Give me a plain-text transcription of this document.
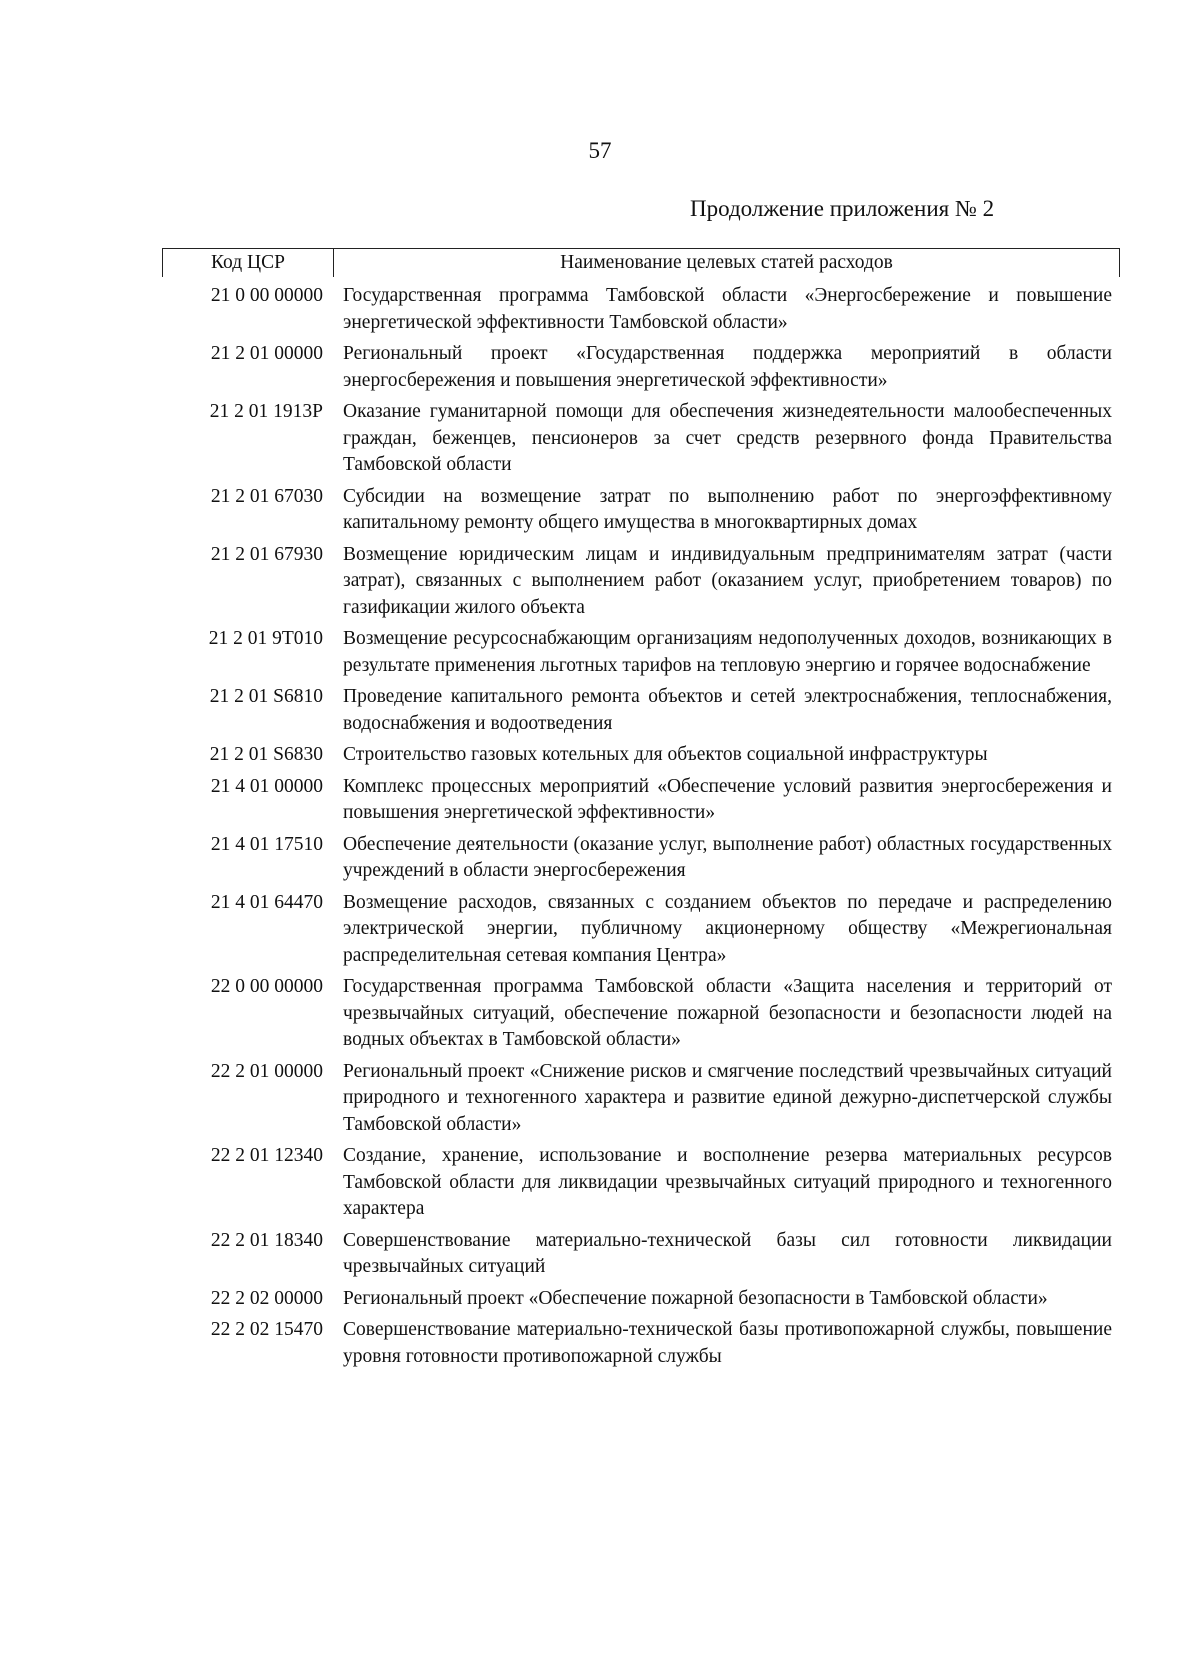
57
Продолжение приложения № 2
Код ЦСР	Наименование целевых статей расходов
21 0 00 00000	Государственная программа Тамбовской области «Энергосбережение и повышение энергетической эффективности Тамбовской области»
21 2 01 00000	Региональный проект «Государственная поддержка мероприятий в области энергосбережения и повышения энергетической эффективности»
21 2 01 1913Р	Оказание гуманитарной помощи для обеспечения жизнедеятельности малообеспеченных граждан, беженцев, пенсионеров за счет средств резервного фонда Правительства Тамбовской области
21 2 01 67030	Субсидии на возмещение затрат по выполнению работ по энергоэффективному капитальному ремонту общего имущества в многоквартирных домах
21 2 01 67930	Возмещение юридическим лицам и индивидуальным предпринимателям затрат (части затрат), связанных с выполнением работ (оказанием услуг, приобретением товаров) по газификации жилого объекта
21 2 01 9Т010	Возмещение ресурсоснабжающим организациям недополученных доходов, возникающих в результате применения льготных тарифов на тепловую энергию и горячее водоснабжение
21 2 01 S6810	Проведение капитального ремонта объектов и сетей электроснабжения, теплоснабжения, водоснабжения и водоотведения
21 2 01 S6830	Строительство газовых котельных для объектов социальной инфраструктуры
21 4 01 00000	Комплекс процессных мероприятий «Обеспечение условий развития энергосбережения и повышения энергетической эффективности»
21 4 01 17510	Обеспечение деятельности (оказание услуг, выполнение работ) областных государственных учреждений в области энергосбережения
21 4 01 64470	Возмещение расходов, связанных с созданием объектов по передаче и распределению электрической энергии, публичному акционерному обществу «Межрегиональная распределительная сетевая компания Центра»
22 0 00 00000	Государственная программа Тамбовской области «Защита населения и территорий от чрезвычайных ситуаций, обеспечение пожарной безопасности и безопасности людей на водных объектах в Тамбовской области»
22 2 01 00000	Региональный проект «Снижение рисков и смягчение последствий чрезвычайных ситуаций природного и техногенного характера и развитие единой дежурно-диспетчерской службы Тамбовской области»
22 2 01 12340	Создание, хранение, использование и восполнение резерва материальных ресурсов Тамбовской области для ликвидации чрезвычайных ситуаций природного и техногенного характера
22 2 01 18340	Совершенствование материально-технической базы сил готовности ликвидации чрезвычайных ситуаций
22 2 02 00000	Региональный проект «Обеспечение пожарной безопасности в Тамбовской области»
22 2 02 15470	Совершенствование материально-технической базы противопожарной службы, повышение уровня готовности противопожарной службы
